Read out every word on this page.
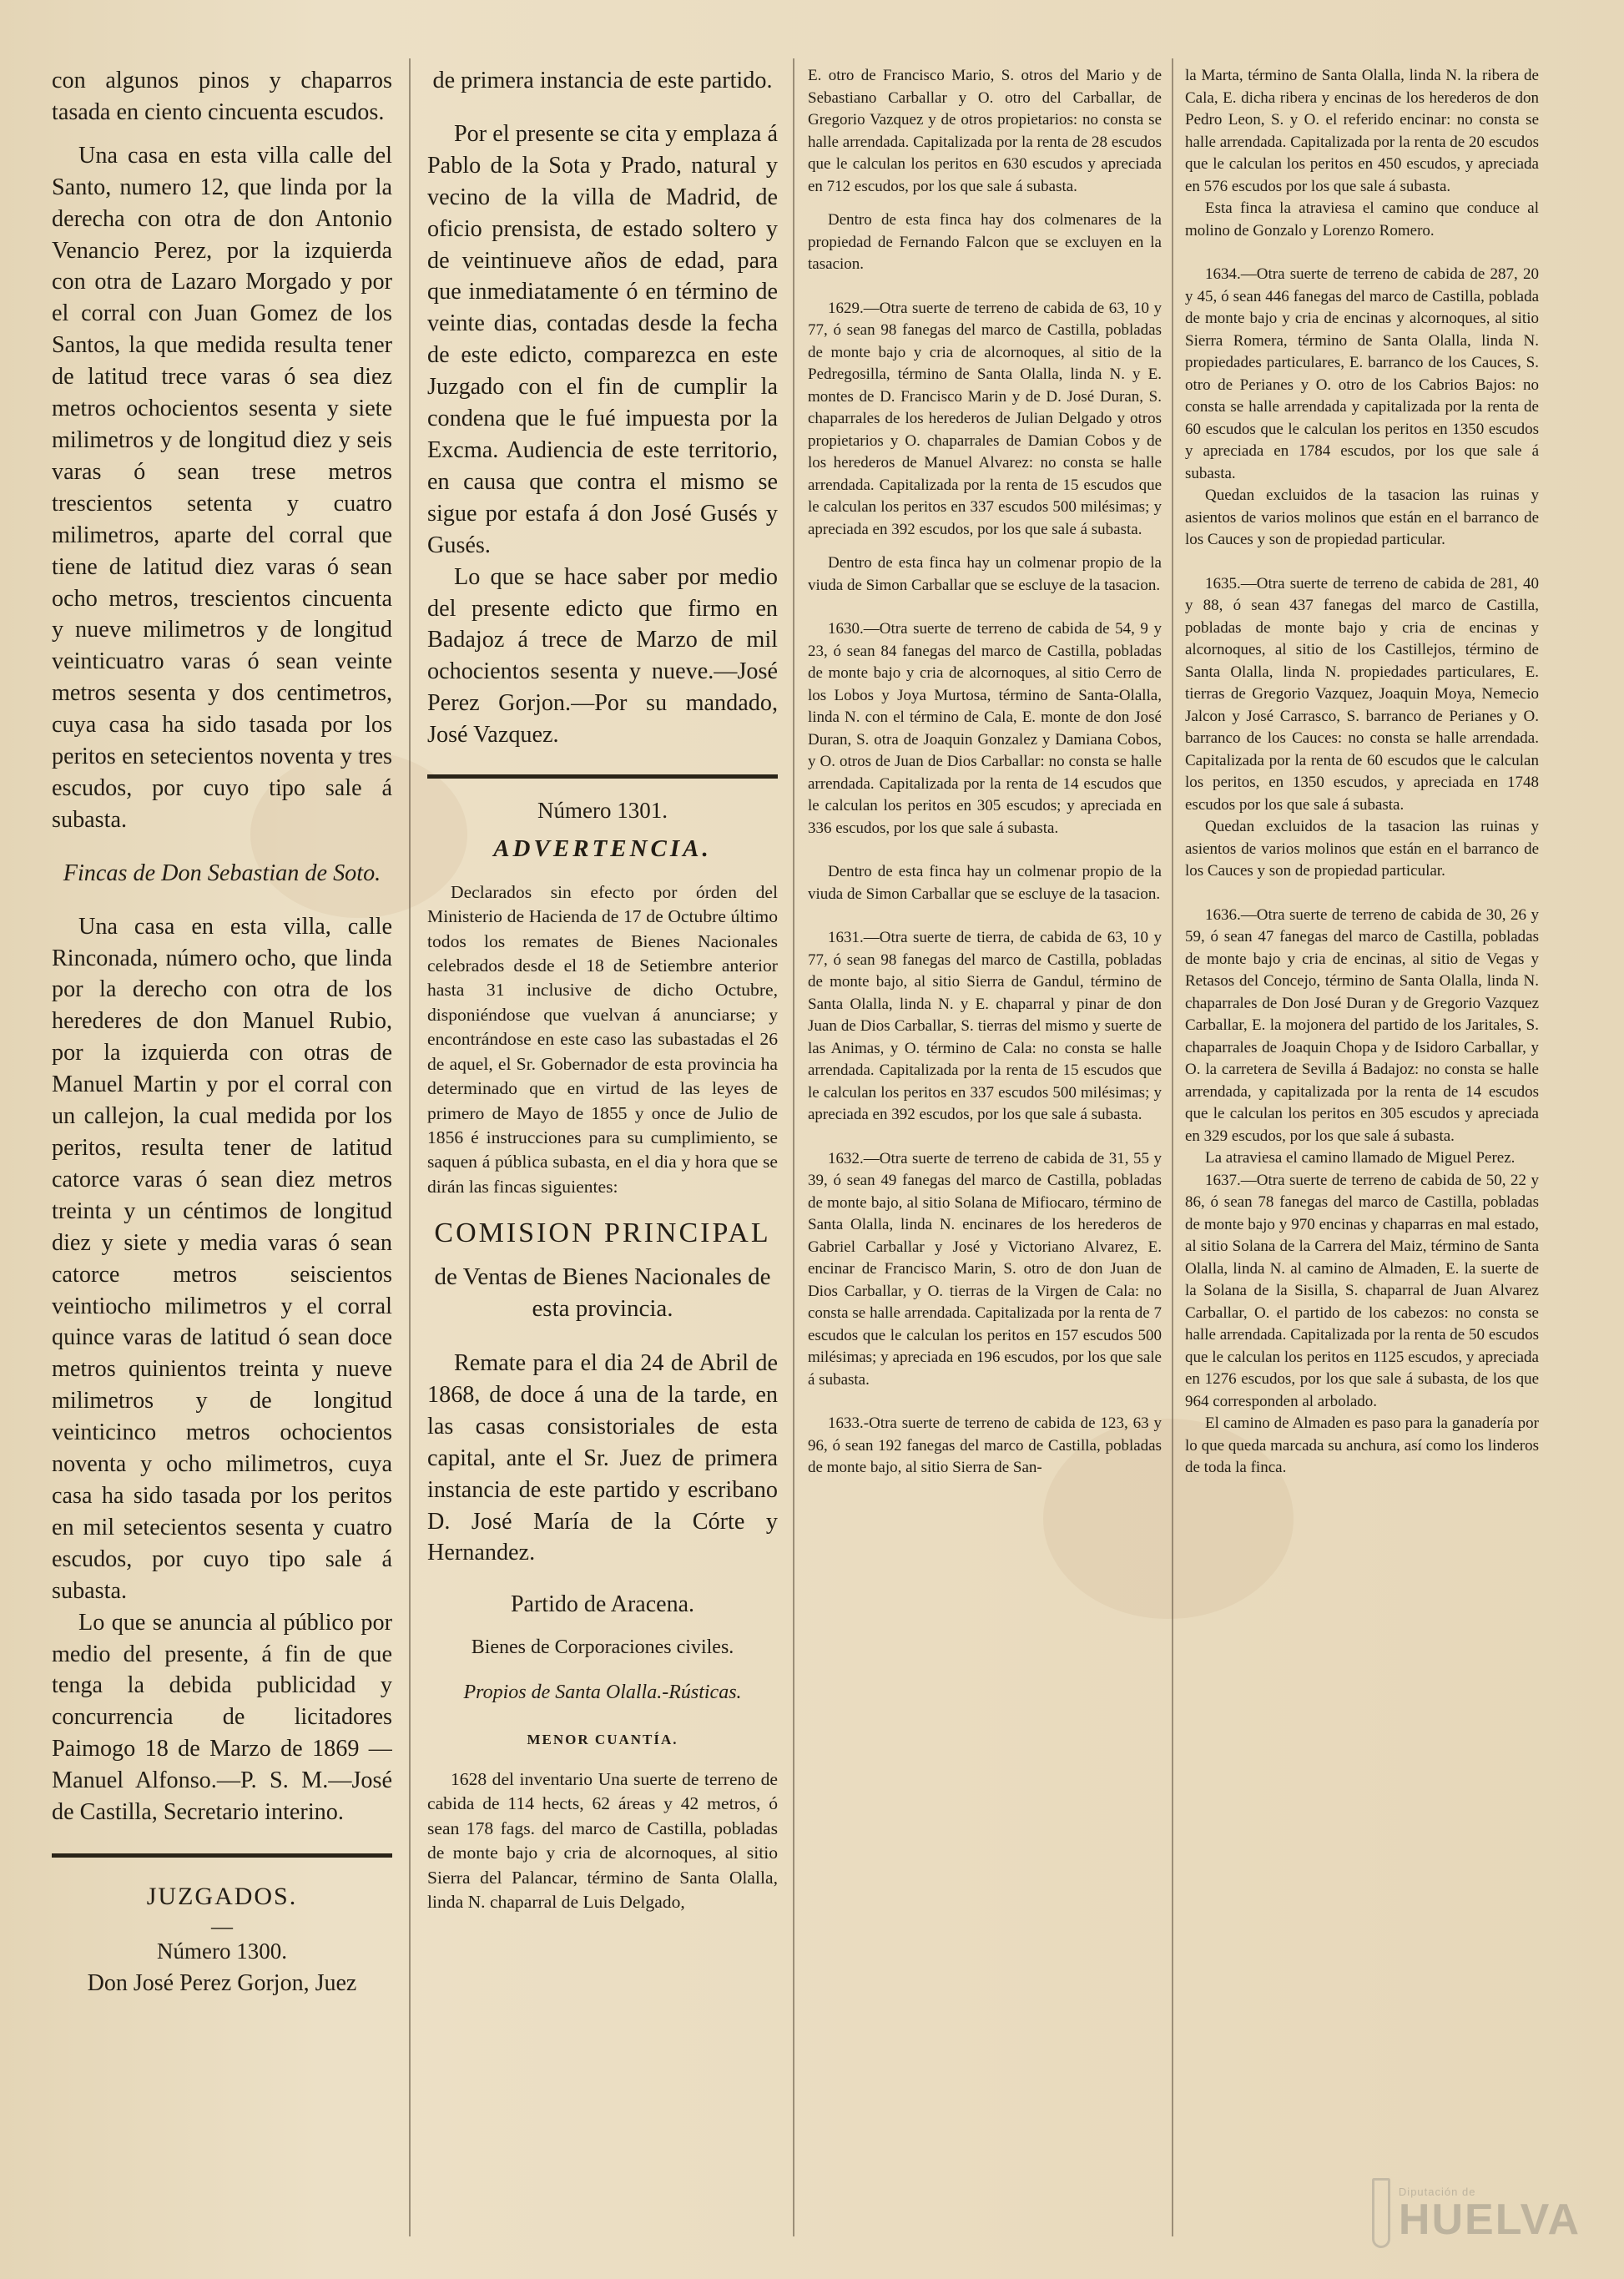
con algunos pinos y chaparros tasada en ciento cincuenta escudos.

Una casa en esta villa calle del Santo, numero 12, que linda por la derecha con otra de don Antonio Venancio Perez, por la izquierda con otra de Lazaro Morgado y por el corral con Juan Gomez de los Santos, la que medida resulta tener de latitud trece varas ó sea diez metros ochocientos sesenta y siete milimetros y de longitud diez y seis varas ó sean trese metros trescientos setenta y cuatro milimetros, aparte del corral que tiene de latitud diez varas ó sean ocho metros, trescientos cincuenta y nueve milimetros y de longitud veinticuatro varas ó sean veinte metros sesenta y dos centimetros, cuya casa ha sido tasada por los peritos en setecientos noventa y tres escudos, por cuyo tipo sale á subasta.

Fincas de Don Sebastian de Soto.

Una casa en esta villa, calle Rinconada, número ocho, que linda por la derecho con otra de los herederes de don Manuel Rubio, por la izquierda con otras de Manuel Martin y por el corral con un callejon, la cual medida por los peritos, resulta tener de latitud catorce varas ó sean diez metros treinta y un céntimos de longitud diez y siete y media varas ó sean catorce metros seiscientos veintiocho milimetros y el corral quince varas de latitud ó sean doce metros quinientos treinta y nueve milimetros y de longitud veinticinco metros ochocientos noventa y ocho milimetros, cuya casa ha sido tasada por los peritos en mil setecientos sesenta y cuatro escudos, por cuyo tipo sale á subasta.

Lo que se anuncia al público por medio del presente, á fin de que tenga la debida publicidad y concurrencia de licitadores Paimogo 18 de Marzo de 1869 —Manuel Alfonso.—P. S. M.—José de Castilla, Secretario interino.

JUZGADOS.
—
Número 1300.

Don José Perez Gorjon, Juez

de primera instancia de este partido.

Por el presente se cita y emplaza á Pablo de la Sota y Prado, natural y vecino de la villa de Madrid, de oficio prensista, de estado soltero y de veintinueve años de edad, para que inmediatamente ó en término de veinte dias, contadas desde la fecha de este edicto, comparezca en este Juzgado con el fin de cumplir la condena que le fué impuesta por la Excma. Audiencia de este territorio, en causa que contra el mismo se sigue por estafa á don José Gusés y Gusés.

Lo que se hace saber por medio del presente edicto que firmo en Badajoz á trece de Marzo de mil ochocientos sesenta y nueve.—José Perez Gorjon.—Por su mandado, José Vazquez.

Número 1301.
ADVERTENCIA.

Declarados sin efecto por órden del Ministerio de Hacienda de 17 de Octubre último todos los remates de Bienes Nacionales celebrados desde el 18 de Setiembre anterior hasta 31 inclusive de dicho Octubre, disponiéndose que vuelvan á anunciarse; y encontrándose en este caso las subastadas el 26 de aquel, el Sr. Gobernador de esta provincia ha determinado que en virtud de las leyes de primero de Mayo de 1855 y once de Julio de 1856 é instrucciones para su cumplimiento, se saquen á pública subasta, en el dia y hora que se dirán las fincas siguientes:

COMISION PRINCIPAL
de Ventas de Bienes Nacionales de esta provincia.

Remate para el dia 24 de Abril de 1868, de doce á una de la tarde, en las casas consistoriales de esta capital, ante el Sr. Juez de primera instancia de este partido y escribano D. José María de la Córte y Hernandez.

Partido de Aracena.
Bienes de Corporaciones civiles.
Propios de Santa Olalla.-Rústicas.
MENOR CUANTÍA.

1628 del inventario Una suerte de terreno de cabida de 114 hects, 62 áreas y 42 metros, ó sean 178 fags. del marco de Castilla, pobladas de monte bajo y cria de alcornoques, al sitio Sierra del Palancar, término de Santa Olalla, linda N. chaparral de Luis Delgado,

E. otro de Francisco Mario, S. otros del Mario y de Sebastiano Carballar y O. otro del Carballar, de Gregorio Vazquez y de otros propietarios: no consta se halle arrendada. Capitalizada por la renta de 28 escudos que le calculan los peritos en 630 escudos y apreciada en 712 escudos, por los que sale á subasta.

Dentro de esta finca hay dos colmenares de la propiedad de Fernando Falcon que se excluyen en la tasacion.

1629.—Otra suerte de terreno de cabida de 63, 10 y 77, ó sean 98 fanegas del marco de Castilla, pobladas de monte bajo y cria de alcornoques, al sitio de la Pedregosilla, término de Santa Olalla, linda N. y E. montes de D. Francisco Marin y de D. José Duran, S. chaparrales de los herederos de Julian Delgado y otros propietarios y O. chaparrales de Damian Cobos y de los herederos de Manuel Alvarez: no consta se halle arrendada. Capitalizada por la renta de 15 escudos que le calculan los peritos en 337 escudos 500 milésimas; y apreciada en 392 escudos, por los que sale á subasta.

Dentro de esta finca hay un colmenar propio de la viuda de Simon Carballar que se escluye de la tasacion.

1630.—Otra suerte de terreno de cabida de 54, 9 y 23, ó sean 84 fanegas del marco de Castilla, pobladas de monte bajo y cria de alcornoques, al sitio Cerro de los Lobos y Joya Murtosa, término de Santa-Olalla, linda N. con el término de Cala, E. monte de don José Duran, S. otra de Joaquin Gonzalez y Damiana Cobos, y O. otros de Juan de Dios Carballar: no consta se halle arrendada. Capitalizada por la renta de 14 escudos que le calculan los peritos en 305 escudos; y apreciada en 336 escudos, por los que sale á subasta.

Dentro de esta finca hay un colmenar propio de la viuda de Simon Carballar que se escluye de la tasacion.

1631.—Otra suerte de tierra, de cabida de 63, 10 y 77, ó sean 98 fanegas del marco de Castilla, pobladas de monte bajo, al sitio Sierra de Gandul, término de Santa Olalla, linda N. y E. chaparral y pinar de don Juan de Dios Carballar, S. tierras del mismo y suerte de las Animas, y O. término de Cala: no consta se halle arrendada. Capitalizada por la renta de 15 escudos que le calculan los peritos en 337 escudos 500 milésimas; y apreciada en 392 escudos, por los que sale á subasta.

1632.—Otra suerte de terreno de cabida de 31, 55 y 39, ó sean 49 fanegas del marco de Castilla, pobladas de monte bajo, al sitio Solana de Mifiocaro, término de Santa Olalla, linda N. encinares de los herederos de Gabriel Carballar y José y Victoriano Alvarez, E. encinar de Francisco Marin, S. otro de don Juan de Dios Carballar, y O. tierras de la Virgen de Cala: no consta se halle arrendada. Capitalizada por la renta de 7 escudos que le calculan los peritos en 157 escudos 500 milésimas; y apreciada en 196 escudos, por los que sale á subasta.

1633.-Otra suerte de terreno de cabida de 123, 63 y 96, ó sean 192 fanegas del marco de Castilla, pobladas de monte bajo, al sitio Sierra de San-

la Marta, término de Santa Olalla, linda N. la ribera de Cala, E. dicha ribera y encinas de los herederos de don Pedro Leon, S. y O. el referido encinar: no consta se halle arrendada. Capitalizada por la renta de 20 escudos que le calculan los peritos en 450 escudos, y apreciada en 576 escudos por los que sale á subasta.

Esta finca la atraviesa el camino que conduce al molino de Gonzalo y Lorenzo Romero.

1634.—Otra suerte de terreno de cabida de 287, 20 y 45, ó sean 446 fanegas del marco de Castilla, poblada de monte bajo y cria de encinas y alcornoques, al sitio Sierra Romera, término de Santa Olalla, linda N. propiedades particulares, E. barranco de los Cauces, S. otro de Perianes y O. otro de los Cabrios Bajos: no consta se halle arrendada y capitalizada por la renta de 60 escudos que le calculan los peritos en 1350 escudos y apreciada en 1784 escudos, por los que sale á subasta.

Quedan excluidos de la tasacion las ruinas y asientos de varios molinos que están en el barranco de los Cauces y son de propiedad particular.

1635.—Otra suerte de terreno de cabida de 281, 40 y 88, ó sean 437 fanegas del marco de Castilla, pobladas de monte bajo y cria de encinas y alcornoques, al sitio de los Castillejos, término de Santa Olalla, linda N. propiedades particulares, E. tierras de Gregorio Vazquez, Joaquin Moya, Nemecio Jalcon y José Carrasco, S. barranco de Perianes y O. barranco de los Cauces: no consta se halle arrendada. Capitalizada por la renta de 60 escudos que le calculan los peritos, en 1350 escudos, y apreciada en 1748 escudos por los que sale á subasta.

Quedan excluidos de la tasacion las ruinas y asientos de varios molinos que están en el barranco de los Cauces y son de propiedad particular.

1636.—Otra suerte de terreno de cabida de 30, 26 y 59, ó sean 47 fanegas del marco de Castilla, pobladas de monte bajo y cria de encinas, al sitio de Vegas y Retasos del Concejo, término de Santa Olalla, linda N. chaparrales de Don José Duran y de Gregorio Vazquez Carballar, E. la mojonera del partido de los Jaritales, S. chaparrales de Joaquin Chopa y de Isidoro Carballar, y O. la carretera de Sevilla á Badajoz: no consta se halle arrendada, y capitalizada por la renta de 14 escudos que le calculan los peritos en 305 escudos y apreciada en 329 escudos, por los que sale á subasta.

La atraviesa el camino llamado de Miguel Perez.

1637.—Otra suerte de terreno de cabida de 50, 22 y 86, ó sean 78 fanegas del marco de Castilla, pobladas de monte bajo y 970 encinas y chaparras en mal estado, al sitio Solana de la Carrera del Maiz, término de Santa Olalla, linda N. al camino de Almaden, E. la suerte de la Solana de la Sisilla, S. chaparral de Juan Alvarez Carballar, O. el partido de los cabezos: no consta se halle arrendada. Capitalizada por la renta de 50 escudos que le calculan los peritos en 1125 escudos, y apreciada en 1276 escudos, por los que sale á subasta, de los que 964 corresponden al arbolado.

El camino de Almaden es paso para la ganadería por lo que queda marcada su anchura, así como los linderos de toda la finca.

Diputación de
HUELVA
